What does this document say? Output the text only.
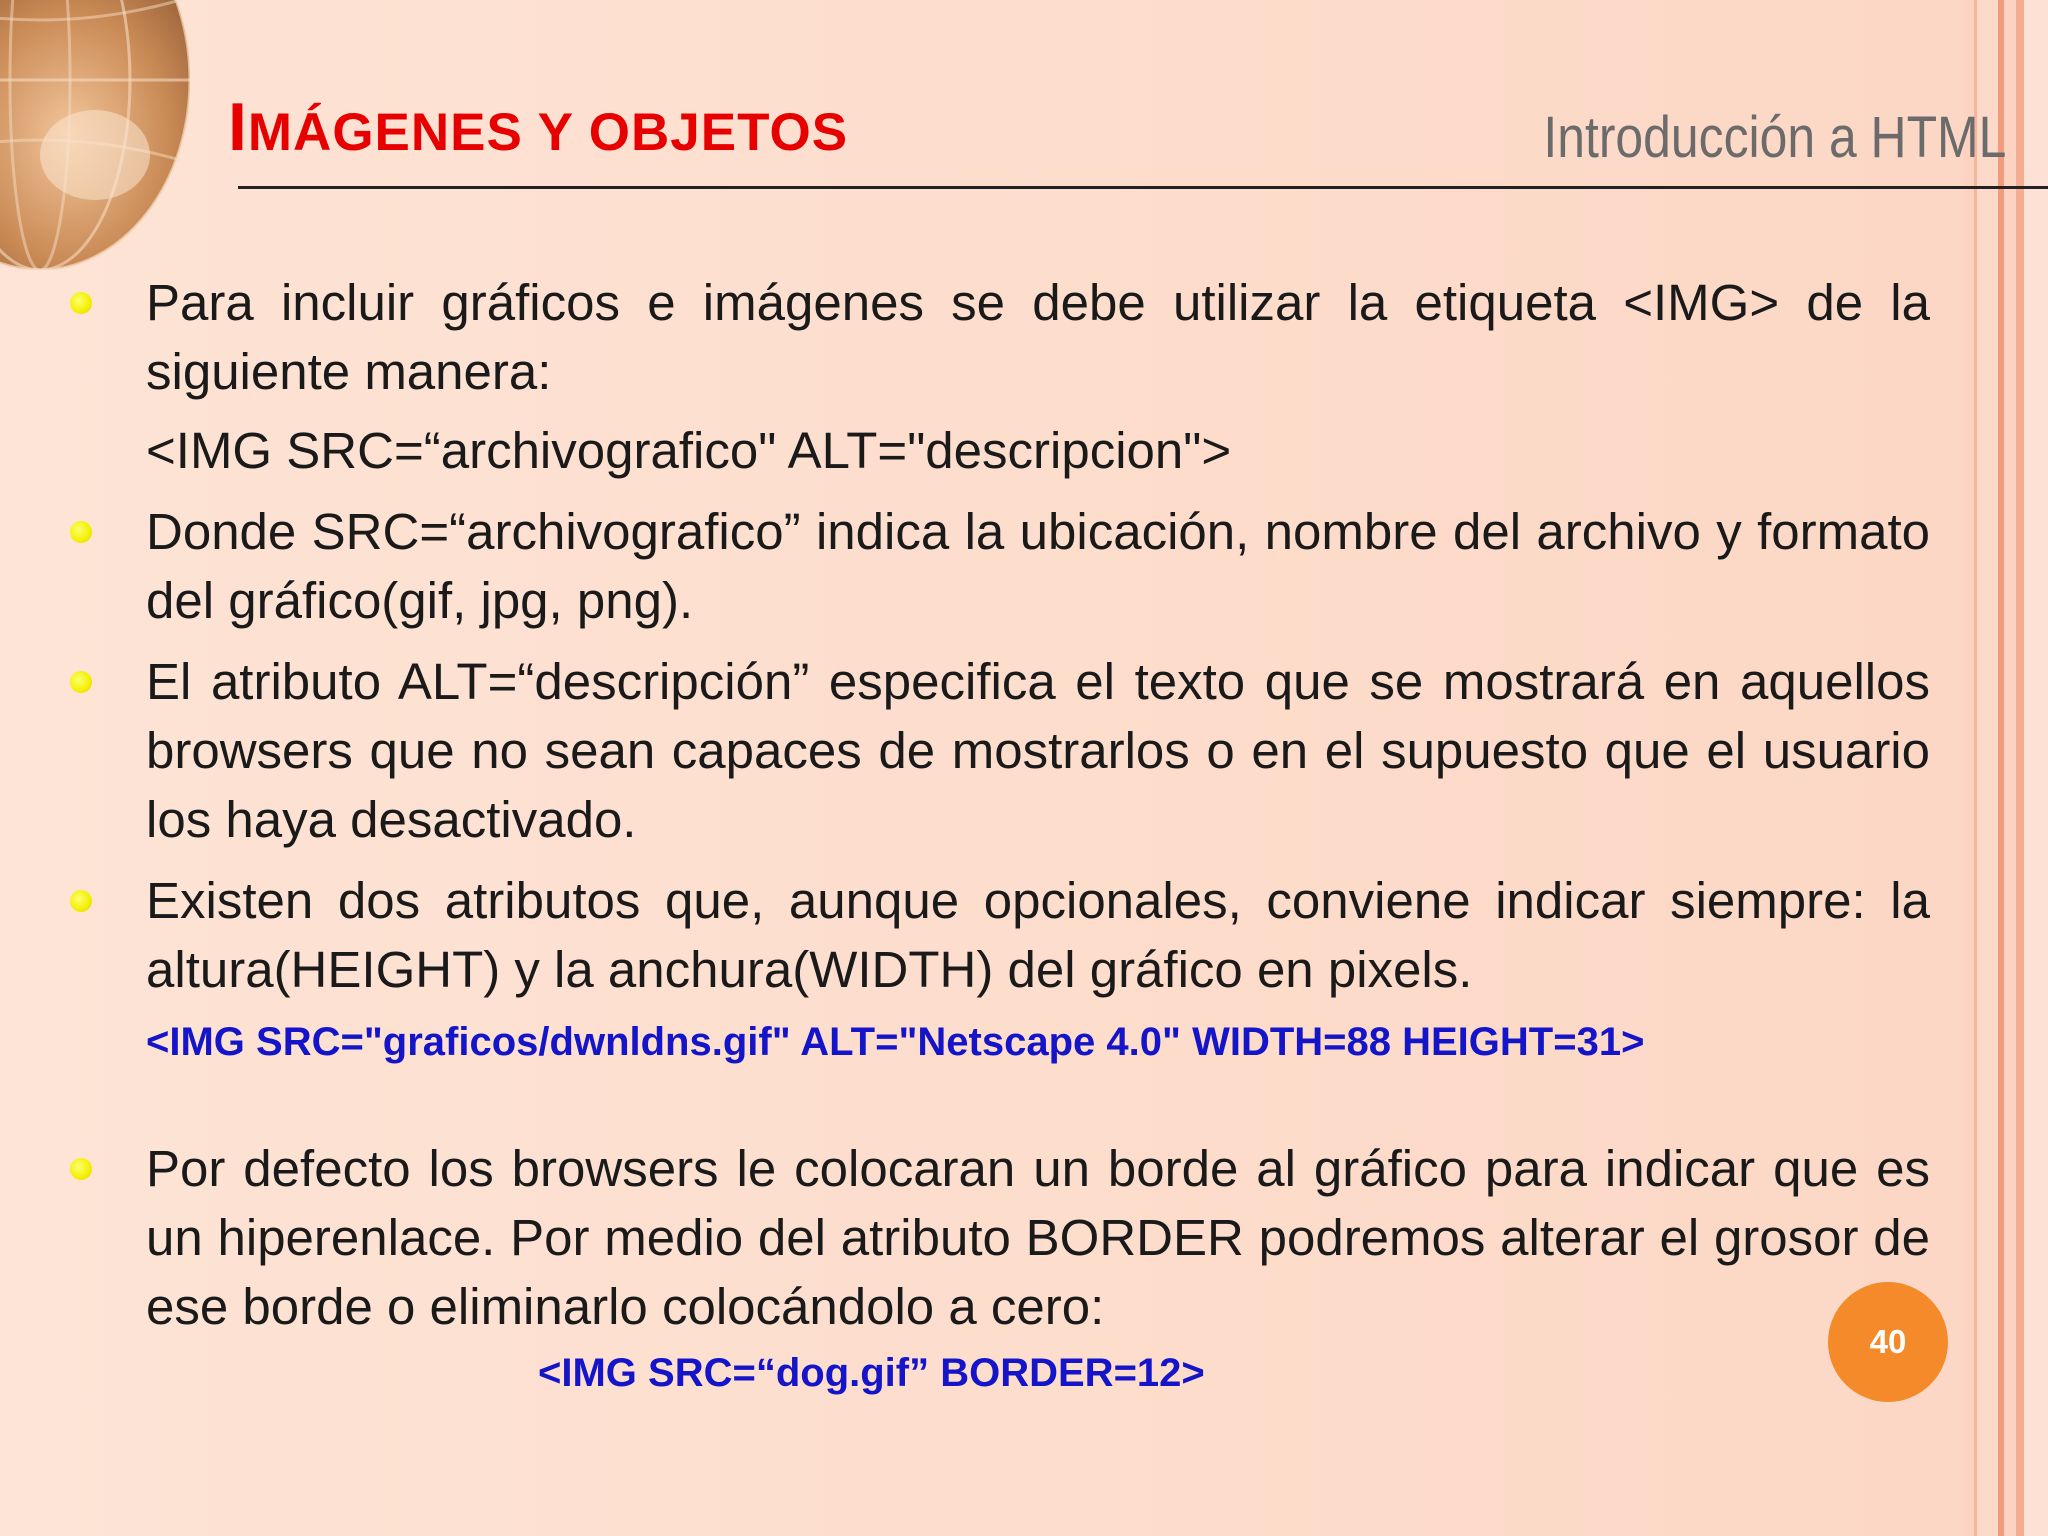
IMÁGENES Y OBJETOS	Introducción a HTML

Para incluir gráficos e imágenes se debe utilizar la etiqueta <IMG> de la siguiente manera:

<IMG SRC=“archivografico" ALT="descripcion">

Donde SRC=“archivografico” indica la ubicación, nombre del archivo y formato del gráfico(gif, jpg, png).

El atributo ALT=“descripción” especifica el texto que se mostrará en aquellos browsers que no sean capaces de mostrarlos o en el supuesto que el usuario los haya desactivado.

Existen dos atributos que, aunque opcionales, conviene indicar siempre: la altura(HEIGHT) y la anchura(WIDTH) del gráfico en pixels.

<IMG SRC="graficos/dwnldns.gif" ALT="Netscape 4.0" WIDTH=88 HEIGHT=31>

Por defecto los browsers le colocaran un borde al gráfico para indicar que es un hiperenlace. Por medio del atributo BORDER podremos alterar el grosor de ese borde o eliminarlo colocándolo a cero:

<IMG SRC=“dog.gif” BORDER=12>

40
